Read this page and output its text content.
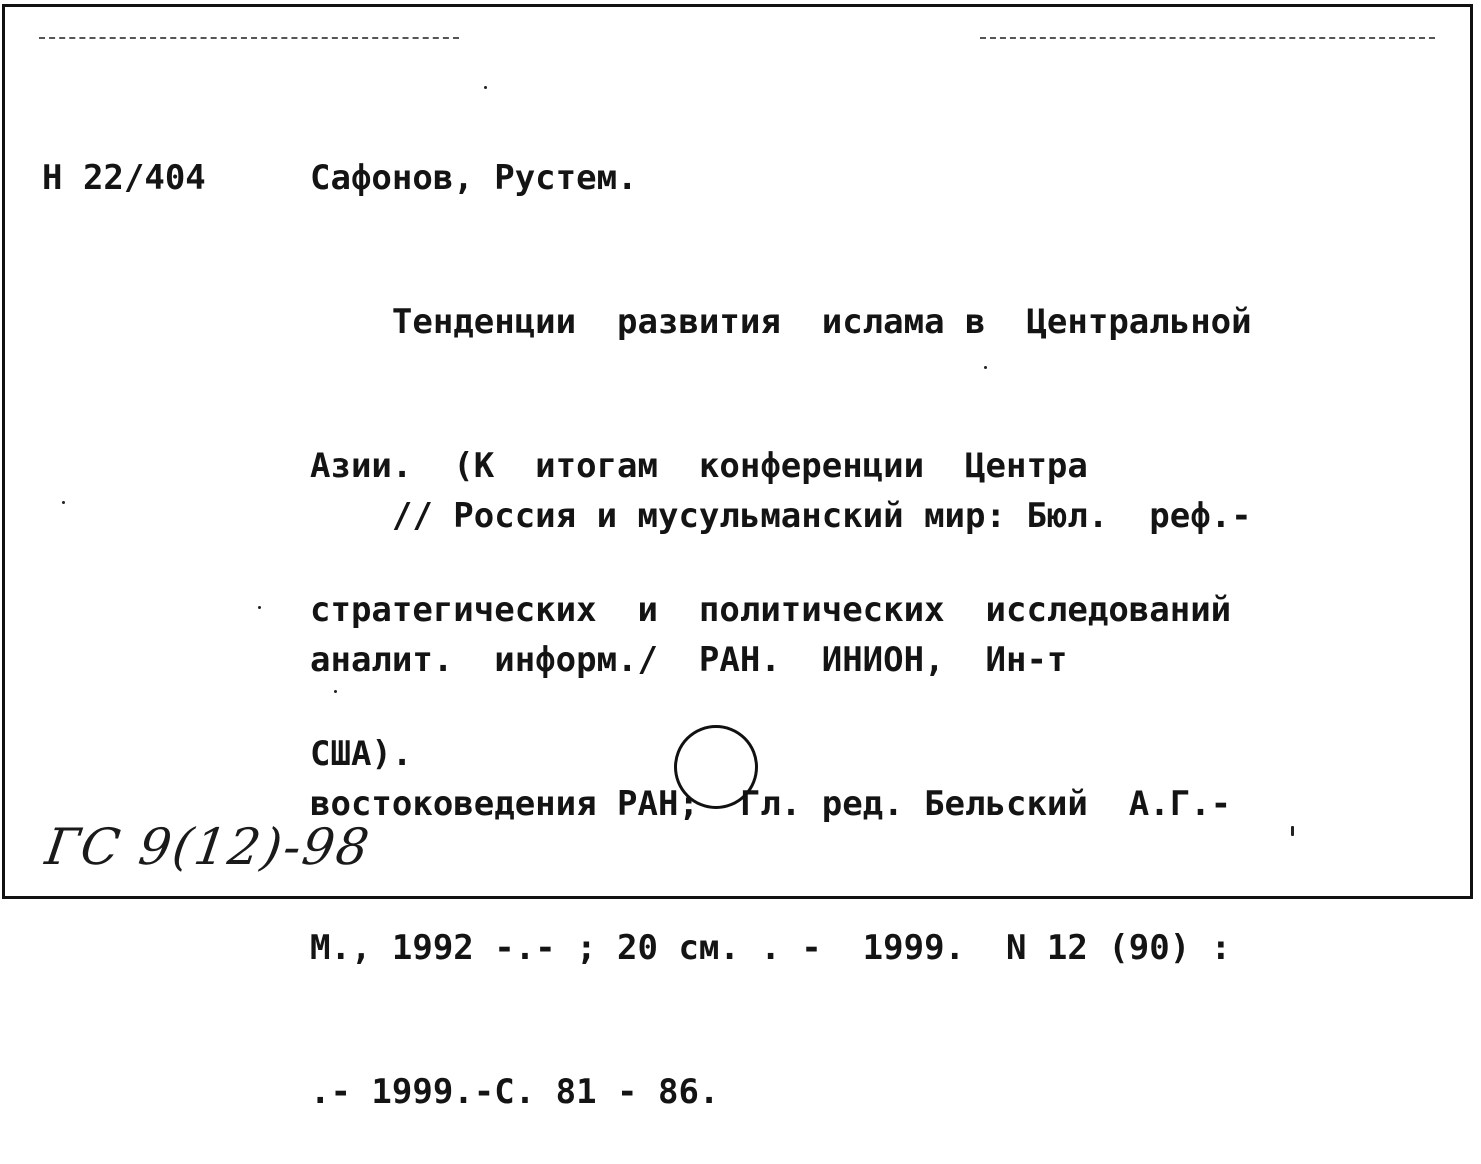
Н 22/404	Сафонов, Рустем.

Тенденции  развития  ислама в  Центральной

Азии.  (К  итогам  конференции  Центра

стратегических  и  политических  исследований

США).

// Россия и мусульманский мир: Бюл.  реф.-

аналит.  информ./  РАН.  ИНИОН,  Ин-т

востоковедения РАН;  Гл. ред. Бельский  А.Г.-

М., 1992 -.- ; 20 см. . -  1999.  N 12 (90) :

.- 1999.-С. 81 - 86.

ГС 9(12)-98
